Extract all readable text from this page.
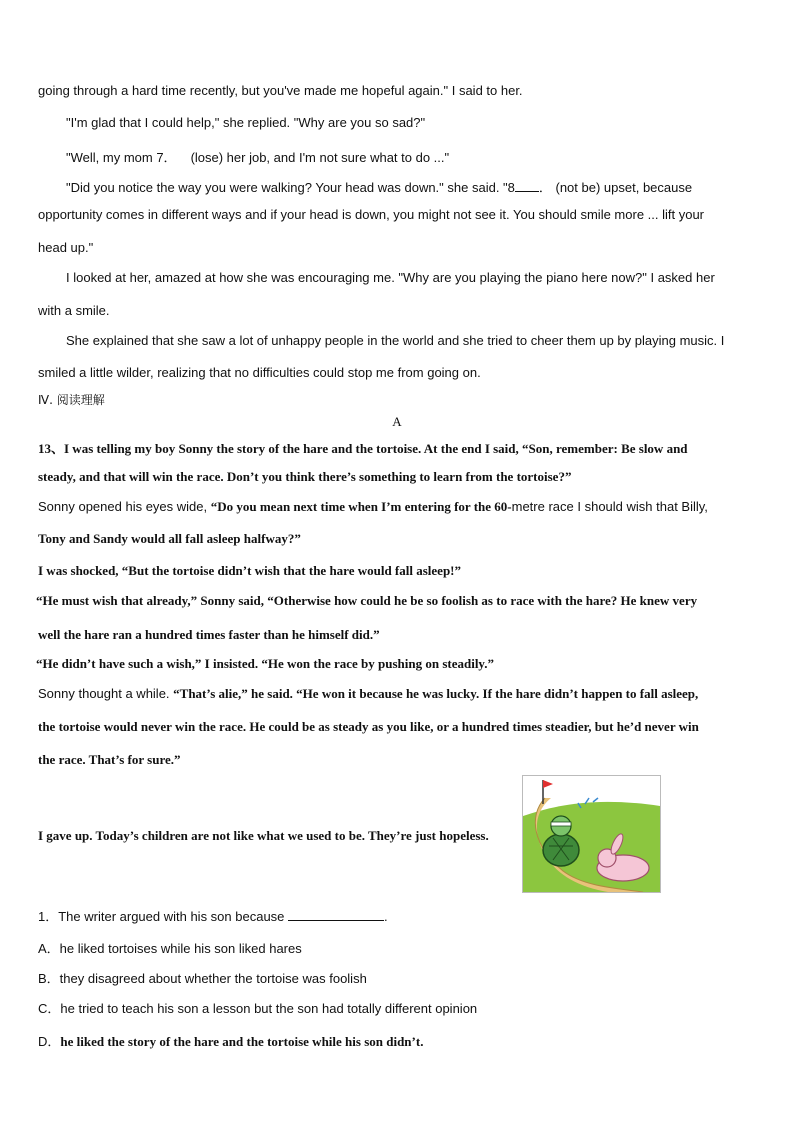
going through a hard time recently, but you've made me hopeful again." I said to her.
"I'm glad that I could help," she replied. "Why are you so sad?"
"Well, my mom 7． (lose) her job, and I'm not sure what to do ..."
"Did you notice the way you were walking? Your head was down." she said. "8 ． (not be) upset, because
opportunity comes in different ways and if your head is down, you might not see it. You should smile more ... lift your
head up."
I looked at her, amazed at how she was encouraging me. "Why are you playing the piano here now?" I asked her
with a smile.
She explained that she saw a lot of unhappy people in the world and she tried to cheer them up by playing music. I
smiled a little wilder, realizing that no difficulties could stop me from going on.
Ⅳ. 阅读理解
A
13、I was telling my boy Sonny the story of the hare and the tortoise. At the end I said, “Son, remember: Be slow and
steady, and that will win the race. Don’t you think there’s something to learn from the tortoise?”
Sonny opened his eyes wide, “Do you mean next time when I’m entering for the 60-metre race I should wish that Billy,
Tony and Sandy would all fall asleep halfway?”
I was shocked, “But the tortoise didn’t wish that the hare would fall asleep!”
“He must wish that already,” Sonny said, “Otherwise how could he be so foolish as to race with the hare? He knew very
well the hare ran a hundred times faster than he himself did.”
“He didn’t have such a wish,” I insisted. “He won the race by pushing on steadily.”
Sonny thought a while. “That’s alie,” he said. “He won it because he was lucky. If the hare didn’t happen to fall asleep,
the tortoise would never win the race. He could be as steady as you like, or a hundred times steadier, but he’d never win
the race. That’s for sure.”
I gave up. Today’s children are not like what we used to be. They’re just hopeless.
1．The writer argued with his son because	.
A．he liked tortoises while his son liked hares
B．they disagreed about whether the tortoise was foolish
C．he tried to teach his son a lesson but the son had totally different opinion
D．he liked the story of the hare and the tortoise while his son didn’t.
